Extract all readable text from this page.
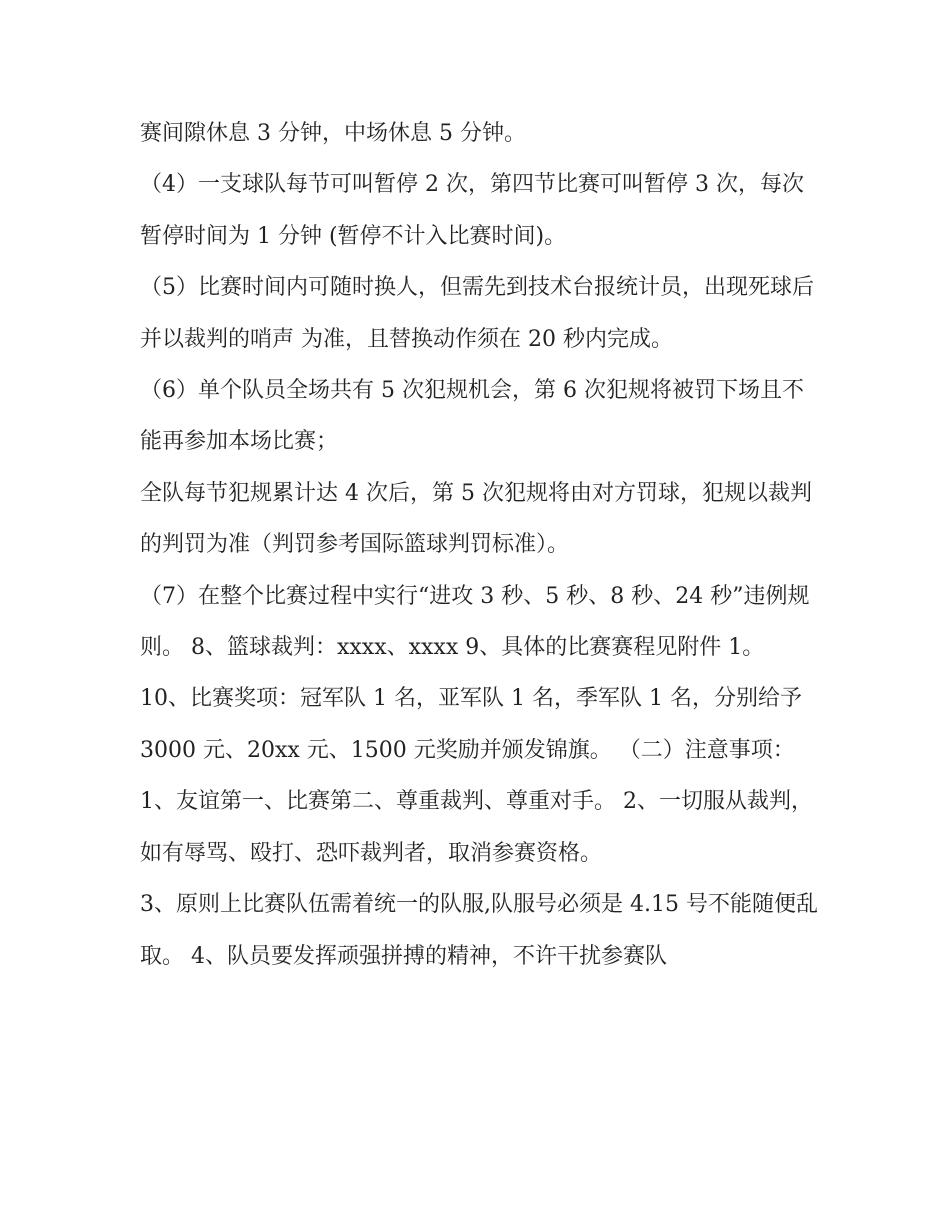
赛间隙休息 3 分钟，中场休息 5 分钟。

（4）一支球队每节可叫暂停 2 次，第四节比赛可叫暂停 3 次，每次暂停时间为 1 分钟 (暂停不计入比赛时间)。

（5）比赛时间内可随时换人，但需先到技术台报统计员，出现死球后并以裁判的哨声 为准，且替换动作须在 20 秒内完成。

（6）单个队员全场共有 5 次犯规机会，第 6 次犯规将被罚下场且不能再参加本场比赛；

全队每节犯规累计达 4 次后，第 5 次犯规将由对方罚球，犯规以裁判的判罚为准（判罚参考国际篮球判罚标准）。

（7）在整个比赛过程中实行“进攻 3 秒、5 秒、8 秒、24 秒”违例规则。 8、篮球裁判：xxxx、xxxx 9、具体的比赛赛程见附件 1。

10、比赛奖项：冠军队 1 名，亚军队 1 名，季军队 1 名，分别给予 3000 元、20xx 元、1500 元奖励并颁发锦旗。 （二）注意事项：

1、友谊第一、比赛第二、尊重裁判、尊重对手。 2、一切服从裁判，如有辱骂、殴打、恐吓裁判者，取消参赛资格。

3、原则上比赛队伍需着统一的队服,队服号必须是 4.15 号不能随便乱取。 4、队员要发挥顽强拼搏的精神，不许干扰参赛队
